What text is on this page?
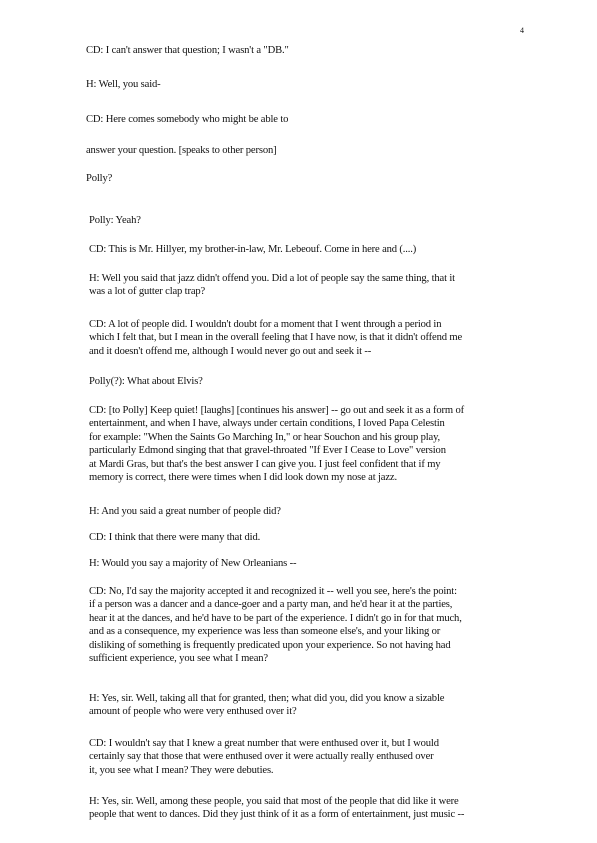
4
CD: I can't answer that question; I wasn't a "DB."
H: Well, you said-
CD: Here comes somebody who might be able to
answer your question. [speaks to other person]
Polly?
Polly: Yeah?
CD: This is Mr. Hillyer, my brother-in-law, Mr. Lebeouf. Come in here and (....)
H: Well you said that jazz didn't offend you. Did a lot of people say the same thing, that it
was a lot of gutter clap trap?
CD: A lot of people did. I wouldn't doubt for a moment that I went through a period in
which I felt that, but I mean in the overall feeling that I have now, is that it didn't offend me
and it doesn't offend me, although I would never go out and seek it --
Polly(?): What about Elvis?
CD: [to Polly] Keep quiet! [laughs] [continues his answer] -- go out and seek it as a form of
entertainment, and when I have, always under certain conditions, I loved Papa Celestin
for example: "When the Saints Go Marching In," or hear Souchon and his group play,
particularly Edmond singing that that gravel-throated "If Ever I Cease to Love" version
at Mardi Gras, but that's the best answer I can give you. I just feel confident that if my
memory is correct, there were times when I did look down my nose at jazz.
H: And you said a great number of people did?
CD: I think that there were many that did.
H: Would you say a majority of New Orleanians --
CD: No, I'd say the majority accepted it and recognized it -- well you see, here's the point:
if a person was a dancer and a dance-goer and a party man, and he'd hear it at the parties,
hear it at the dances, and he'd have to be part of the experience. I didn't go in for that much,
and as a consequence, my experience was less than someone else's, and your liking or
disliking of something is frequently predicated upon your experience. So not having had
sufficient experience, you see what I mean?
H: Yes, sir. Well, taking all that for granted, then; what did you, did you know a sizable
amount of people who were very enthused over it?
CD: I wouldn't say that I knew a great number that were enthused over it, but I would
certainly say that those that were enthused over it were actually really enthused over
it, you see what I mean? They were debuties.
H: Yes, sir. Well, among these people, you said that most of the people that did like it were
people that went to dances. Did they just think of it as a form of entertainment, just music --
